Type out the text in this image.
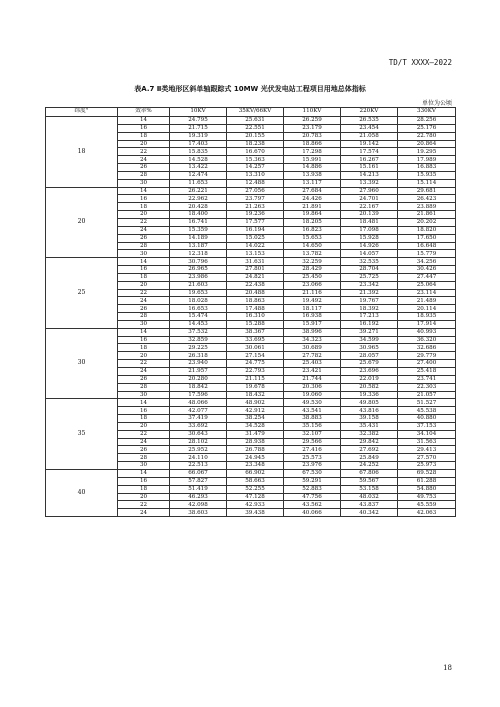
TD/T XXXX—2022
表A.7 Ⅱ类地形区斜单轴跟踪式 10MW 光伏发电站工程项目用地总体指标
单位为公顷
纬度°	效率%	10KV	35KV/66KV	110KV	220KV	330KV
18	14	24.795	25.631	26.259	26.535	28.256
	16	21.715	22.551	23.179	23.454	25.176
	18	19.319	20.155	20.783	21.058	22.780
	20	17.403	18.238	18.866	19.142	20.864
	22	15.835	16.670	17.298	17.574	19.295
	24	14.528	15.363	15.991	16.267	17.989
	26	13.422	14.257	14.886	15.161	16.883
	28	12.474	13.310	13.938	14.213	15.935
	30	11.653	12.488	13.117	13.392	15.114
20	14	26.221	27.056	27.684	27.960	29.681
	16	22.962	23.797	24.426	24.701	26.423
	18	20.428	21.263	21.891	22.167	23.889
	20	18.400	19.236	19.864	20.139	21.861
	22	16.741	17.577	18.205	18.481	20.202
	24	15.359	16.194	16.823	17.098	18.820
	26	14.189	15.025	15.653	15.928	17.650
	28	13.187	14.022	14.650	14.926	16.648
	30	12.318	13.153	13.782	14.057	15.779
25	14	30.796	31.631	32.259	32.535	34.256
	16	26.965	27.801	28.429	28.704	30.426
	18	23.986	24.821	25.450	25.725	27.447
	20	21.603	22.438	23.066	23.342	25.064
	22	19.653	20.488	21.116	21.392	23.114
	24	18.028	18.863	19.492	19.767	21.489
	26	16.653	17.488	18.117	18.392	20.114
	28	15.474	16.310	16.938	17.213	18.935
	30	14.453	15.288	15.917	16.192	17.914
30	14	37.532	38.367	38.996	39.271	40.993
	16	32.859	33.695	34.323	34.599	36.320
	18	29.225	30.061	30.689	30.965	32.686
	20	26.318	27.154	27.782	28.057	29.779
	22	23.940	24.775	25.403	25.679	27.400
	24	21.957	22.793	23.421	23.696	25.418
	26	20.280	21.115	21.744	22.019	23.741
	28	18.842	19.678	20.306	20.582	22.303
	30	17.596	18.432	19.060	19.336	21.057
35	14	48.066	48.902	49.530	49.805	51.527
	16	42.077	42.912	43.541	43.816	45.538
	18	37.419	38.254	38.883	39.158	40.880
	20	33.692	34.528	35.156	35.431	37.153
	22	30.643	31.479	32.107	32.382	34.104
	24	28.102	28.938	29.566	29.842	31.563
	26	25.952	26.788	27.416	27.692	29.413
	28	24.110	24.945	25.573	25.849	27.570
	30	22.513	23.348	23.976	24.252	25.973
40	14	66.067	66.902	67.530	67.806	69.528
	16	57.827	58.663	59.291	59.567	61.288
	18	51.419	52.255	52.883	53.158	54.880
	20	46.293	47.128	47.756	48.032	49.753
	22	42.098	42.933	43.562	43.837	45.559
	24	38.603	39.438	40.066	40.342	42.063
18
